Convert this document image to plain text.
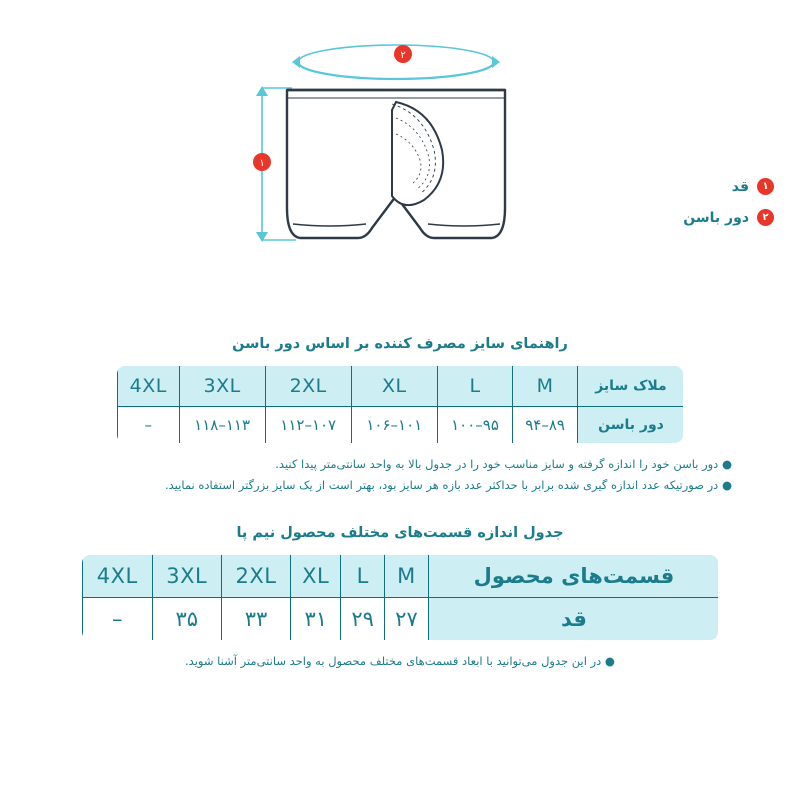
۲
۱
۱
قد
۲
دور باسن
راهنمای سایز مصرف کننده بر اساس دور باسن
ملاک سایز	M	L	XL	2XL	3XL	4XL
دور باسن	۸۹–۹۴	۹۵–۱۰۰	۱۰۱–۱۰۶	۱۰۷–۱۱۲	۱۱۳–۱۱۸	–
● دور باسن خود را اندازه گرفته و سایز مناسب خود را در جدول بالا به واحد سانتی‌متر پیدا کنید.
● در صورتیکه عدد اندازه گیری شده برابر با حداکثر عدد بازه هر سایز بود، بهتر است از یک سایز بزرگتر استفاده نمایید.
جدول اندازه قسمت‌های مختلف محصول نیم پا
قسمت‌های محصول	M	L	XL	2XL	3XL	4XL
قد	۲۷	۲۹	۳۱	۳۳	۳۵	–
● در این جدول می‌توانید با ابعاد قسمت‌های مختلف محصول به واحد سانتی‌متر آشنا شوید.
